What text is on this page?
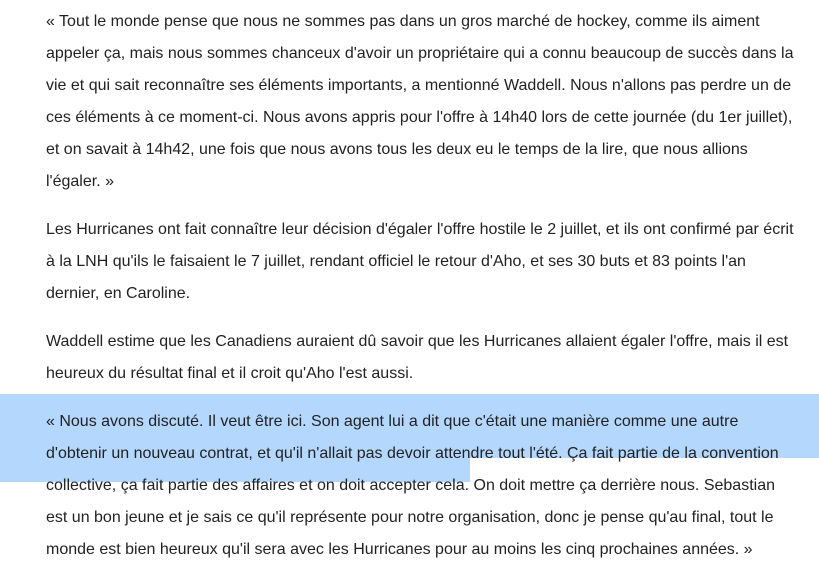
« Tout le monde pense que nous ne sommes pas dans un gros marché de hockey, comme ils aiment
appeler ça, mais nous sommes chanceux d'avoir un propriétaire qui a connu beaucoup de succès dans la
vie et qui sait reconnaître ses éléments importants, a mentionné Waddell. Nous n'allons pas perdre un de
ces éléments à ce moment-ci. Nous avons appris pour l'offre à 14h40 lors de cette journée (du 1er juillet),
et on savait à 14h42, une fois que nous avons tous les deux eu le temps de la lire, que nous allions
l'égaler. »

Les Hurricanes ont fait connaître leur décision d'égaler l'offre hostile le 2 juillet, et ils ont confirmé par écrit
à la LNH qu'ils le faisaient le 7 juillet, rendant officiel le retour d'Aho, et ses 30 buts et 83 points l'an
dernier, en Caroline.

Waddell estime que les Canadiens auraient dû savoir que les Hurricanes allaient égaler l'offre, mais il est
heureux du résultat final et il croit qu'Aho l'est aussi.

« Nous avons discuté. Il veut être ici. Son agent lui a dit que c'était une manière comme une autre
d'obtenir un nouveau contrat, et qu'il n'allait pas devoir attendre tout l'été. Ça fait partie de la convention
collective, ça fait partie des affaires et on doit accepter cela. On doit mettre ça derrière nous. Sebastian
est un bon jeune et je sais ce qu'il représente pour notre organisation, donc je pense qu'au final, tout le
monde est bien heureux qu'il sera avec les Hurricanes pour au moins les cinq prochaines années. »
